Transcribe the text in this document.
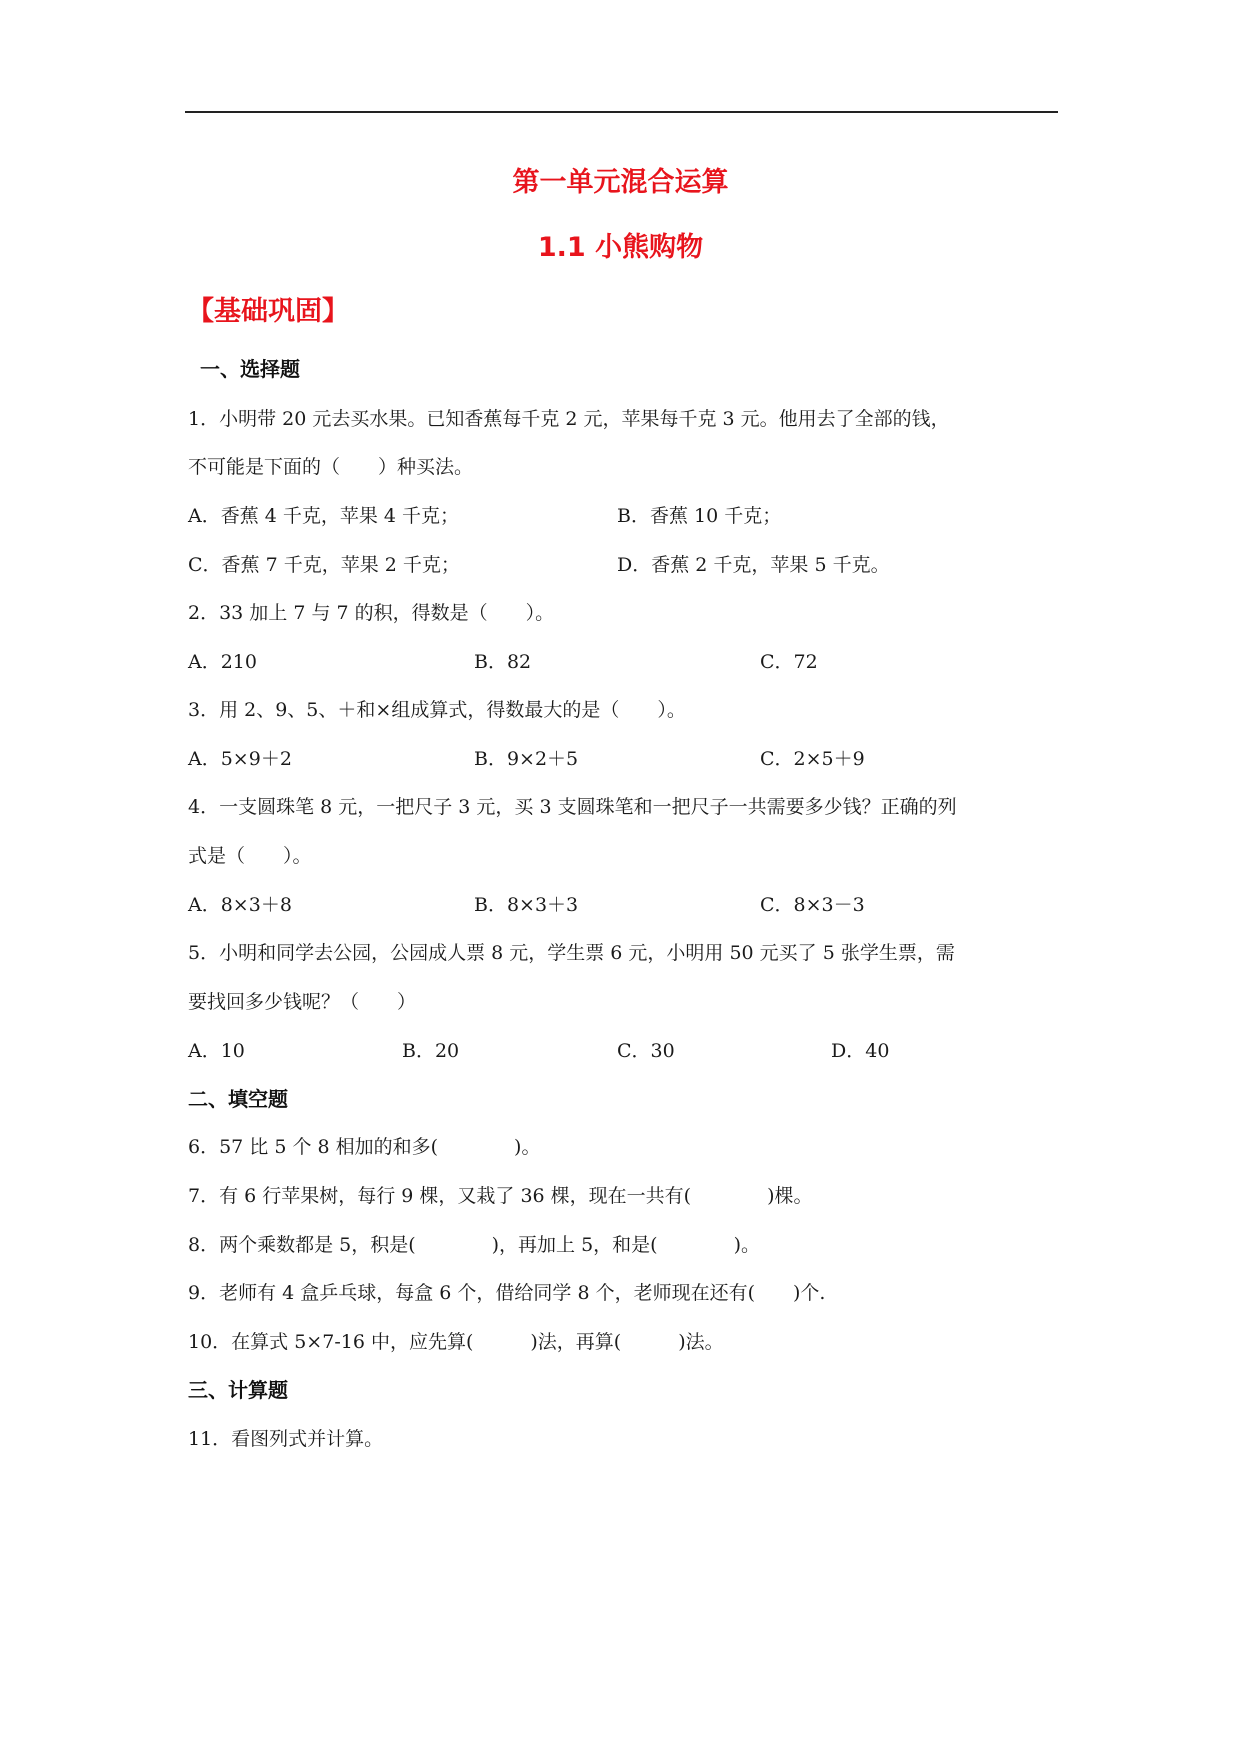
第一单元混合运算
1.1 小熊购物
【基础巩固】
一、选择题
1．小明带 20 元去买水果。已知香蕉每千克 2 元，苹果每千克 3 元。他用去了全部的钱，
不可能是下面的（　　）种买法。
A．香蕉 4 千克，苹果 4 千克；	B．香蕉 10 千克；
C．香蕉 7 千克，苹果 2 千克；	D．香蕉 2 千克，苹果 5 千克。
2．33 加上 7 与 7 的积，得数是（　　）。
A．210	B．82	C．72
3．用 2、9、5、＋和×组成算式，得数最大的是（　　）。
A．5×9＋2	B．9×2＋5	C．2×5＋9
4．一支圆珠笔 8 元，一把尺子 3 元，买 3 支圆珠笔和一把尺子一共需要多少钱？正确的列
式是（　　）。
A．8×3＋8	B．8×3＋3	C．8×3－3
5．小明和同学去公园，公园成人票 8 元，学生票 6 元，小明用 50 元买了 5 张学生票，需
要找回多少钱呢？（　　）
A．10	B．20	C．30	D．40
二、填空题
6．57 比 5 个 8 相加的和多(　　　　)。
7．有 6 行苹果树，每行 9 棵，又栽了 36 棵，现在一共有(　　　　)棵。
8．两个乘数都是 5，积是(　　　　)，再加上 5，和是(　　　　)。
9．老师有 4 盒乒乓球，每盒 6 个，借给同学 8 个，老师现在还有(　　)个.
10．在算式 5×7-16 中，应先算(　　　)法，再算(　　　)法。
三、计算题
11．看图列式并计算。
